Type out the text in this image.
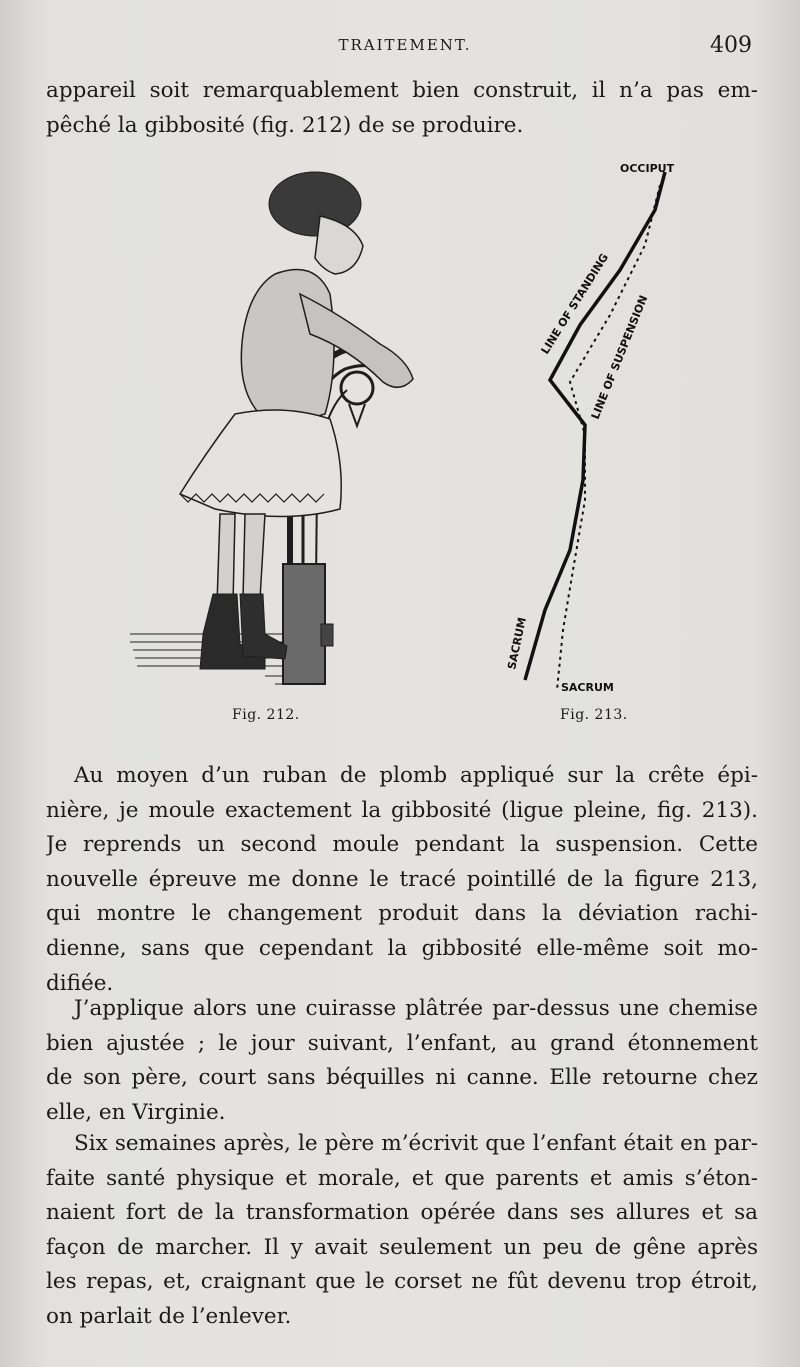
TRAITEMENT.	409

appareil soit remarquablement bien construit, il n’a pas em-
pêché la gibbosité (fig. 212) de se produire.

OCCIPUT
LINE OF STANDING
LINE OF SUSPENSION
SACRUM
SACRUM
Fig. 212.	Fig. 213.

Au moyen d’un ruban de plomb appliqué sur la crête épi-
nière, je moule exactement la gibbosité (ligue pleine, fig. 213).
Je reprends un second moule pendant la suspension. Cette
nouvelle épreuve me donne le tracé pointillé de la figure 213,
qui montre le changement produit dans la déviation rachi-
dienne, sans que cependant la gibbosité elle-même soit mo-
difiée.

J’applique alors une cuirasse plâtrée par-dessus une chemise
bien ajustée ; le jour suivant, l’enfant, au grand étonnement
de son père, court sans béquilles ni canne. Elle retourne chez
elle, en Virginie.

Six semaines après, le père m’écrivit que l’enfant était en par-
faite santé physique et morale, et que parents et amis s’éton-
naient fort de la transformation opérée dans ses allures et sa
façon de marcher. Il y avait seulement un peu de gêne après
les repas, et, craignant que le corset ne fût devenu trop étroit,
on parlait de l’enlever.
